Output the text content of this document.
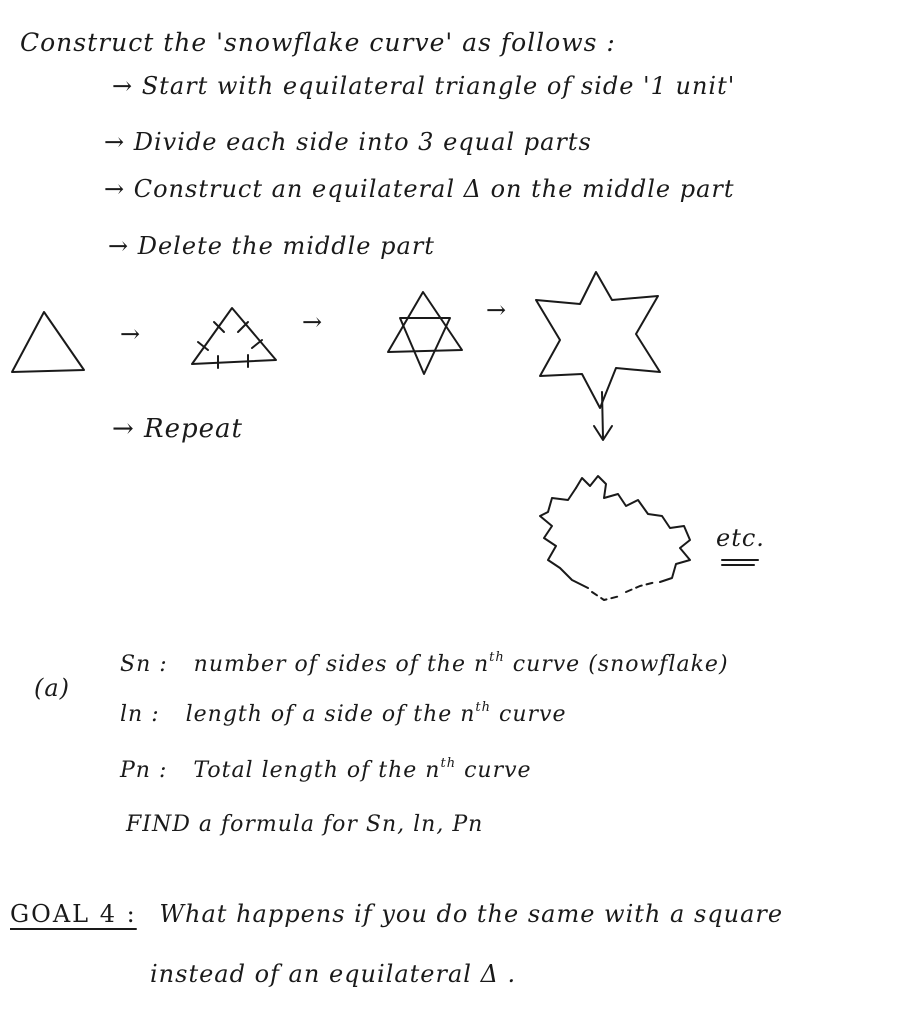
Construct the 'snowflake curve' as follows :
→ Start with equilateral triangle of side '1 unit'
→ Divide each side into 3 equal parts
→ Construct an equilateral Δ on the middle part
→ Delete the middle part
→	→	→
→ Repeat
etc.
(a)
Sn : number of sides of the $n^{th}$ curve (snowflake)
ln : length of a side of the $n^{th}$ curve
Pn : Total length of the $n^{th}$ curve
FIND a formula for Sn, ln, Pn
GOAL 4 : What happens if you do the same with a square
instead of an equilateral Δ .
